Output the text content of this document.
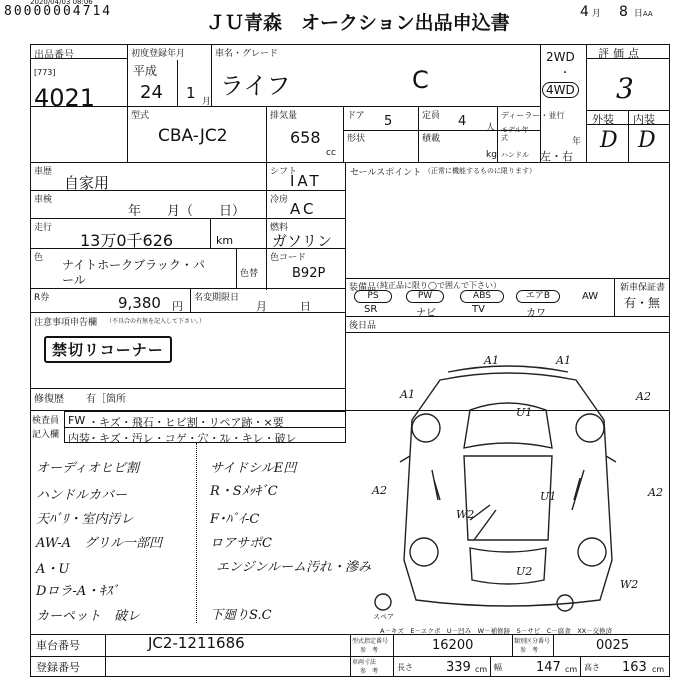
2020/04/03 08:06
80000004714
ＪＵ青森　オークション出品申込書	4 月 8 日AA
出品番号
[773]
4021
初度登録年月
平成
24 1 月
車名・グレード
ライフ	C
2WD
・
4WD
評価点
3
型式
CBA-JC2
排気量
658
cc
ドア 5
形状
定員 4 人
積載
kg
ディーラー・並行
モデル年式	年
ハンドル 左・右
外装 内装
D D
車歴
自家用
シフト
IAT
車検
年　　月（　　日）
冷房 AC
走行
13万0千626	km
燃料
ガソリン
色 ナイトホークブラック・パ
ール	色替
色コード
B92P
R券	9,380 円
名変期限日
月　　　日
注意事項申告欄 （不具合の有無を記入して下さい。）
禁切リコーナー
修復歴 有［箇所
セールスポイント （正常に機能するものに限ります）
装備品
（純正品に限り◯で囲んで下さい）	新車保証書
有・無
PS	PW	ABS	エアB	AW
SR	ナビ	TV	カワ
後日品
検査員
記入欄
FW ・キズ・飛石・ヒビ割・リペア跡・×要
内装
・キズ・汚レ・コゲ・穴・ｽﾚ・キレ・破レ
オーディオヒビ割
ハンドルカバー
天ﾊﾞﾘ・室内汚レ
AW-A　グリル一部凹
A・U
Dロラ-A・ｷｽﾞ
カーペット　破レ
サイドシルE凹
R・SﾒｯｷﾞC
F･ﾊﾞｲ-C
ロアサポC
エンジンルーム汚れ・滲み
下廻りS.C
A1	A1
A1
A2
A2
A2
U1
U1
U2
W2
W2
スペア
A－キズ　E－エクボ　U－凹み　W－補修跡　S－サビ　C－腐食　XX－交換済
車台番号	JC2-1211686
登録番号
型式指定番号
参　考	16200	類別区分番号
参　考	0025
車両寸法
参　考 長さ	339 cm 幅	147 cm 高さ 163 cm
